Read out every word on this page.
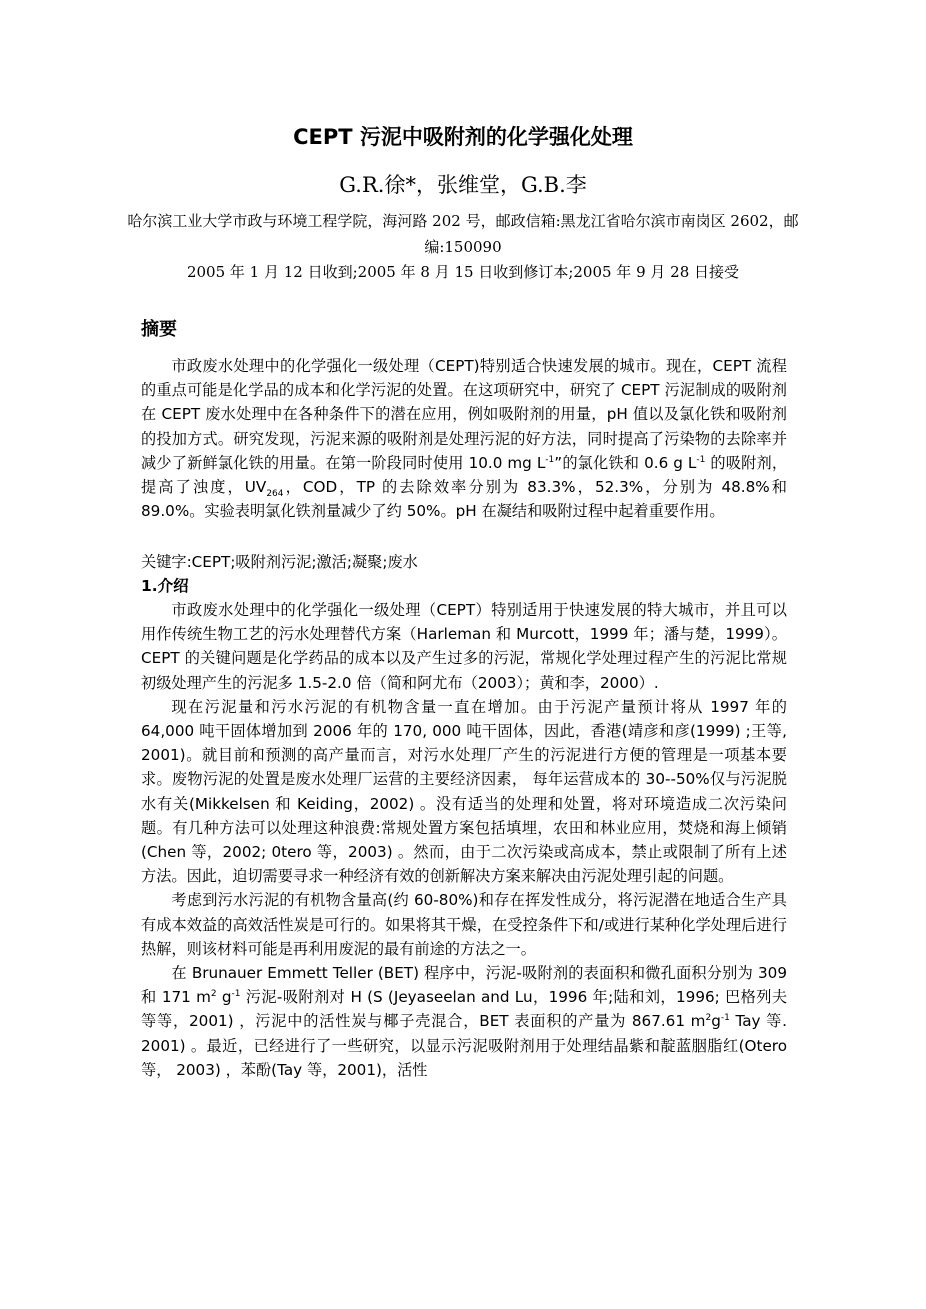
CEPT 污泥中吸附剂的化学强化处理
G.R.徐*，张维堂，G.B.李
哈尔滨工业大学市政与环境工程学院，海河路 202 号，邮政信箱:黑龙江省哈尔滨市南岗区 2602，邮编:150090
2005 年 1 月 12 日收到;2005 年 8 月 15 日收到修订本;2005 年 9 月 28 日接受
摘要

市政废水处理中的化学强化一级处理（CEPT)特别适合快速发展的城市。现在，CEPT 流程的重点可能是化学品的成本和化学污泥的处置。在这项研究中，研究了 CEPT 污泥制成的吸附剂在 CEPT 废水处理中在各种条件下的潜在应用，例如吸附剂的用量，pH 值以及氯化铁和吸附剂的投加方式。研究发现，污泥来源的吸附剂是处理污泥的好方法，同时提高了污染物的去除率并减少了新鲜氯化铁的用量。在第一阶段同时使用 10.0 mg $L^{-1}$”的氯化铁和 0.6 g $L^{-1}$ 的吸附剂，提高了浊度，$UV_{264}$，COD，TP 的去除效率分别为 83.3%，52.3%，分别为 48.8%和 89.0%。实验表明氯化铁剂量减少了约 50%。pH 在凝结和吸附过程中起着重要作用。

关键字:CEPT;吸附剂污泥;激活;凝聚;废水
1.介绍

市政废水处理中的化学强化一级处理（CEPT）特别适用于快速发展的特大城市，并且可以用作传统生物工艺的污水处理替代方案（Harleman 和 Murcott，1999 年；潘与楚，1999）。CEPT 的关键问题是化学药品的成本以及产生过多的污泥，常规化学处理过程产生的污泥比常规初级处理产生的污泥多 1.5-2.0 倍（简和阿尤布（2003）；黄和李，2000）.

现在污泥量和污水污泥的有机物含量一直在增加。由于污泥产量预计将从 1997 年的 64,000 吨干固体增加到 2006 年的 170, 000 吨干固体，因此，香港(靖彦和彦(1999) ;王等, 2001)。就目前和预测的高产量而言，对污水处理厂产生的污泥进行方便的管理是一项基本要求。废物污泥的处置是废水处理厂运营的主要经济因素， 每年运营成本的 30--50%仅与污泥脱水有关(Mikkelsen 和 Keiding，2002) 。没有适当的处理和处置，将对环境造成二次污染问题。有几种方法可以处理这种浪费:常规处置方案包括填埋，农田和林业应用，焚烧和海上倾销(Chen 等，2002; 0tero 等，2003) 。然而，由于二次污染或高成本，禁止或限制了所有上述方法。因此，迫切需要寻求一种经济有效的创新解决方案来解决由污泥处理引起的问题。

考虑到污水污泥的有机物含量高(约 60-80%)和存在挥发性成分，将污泥潜在地适合生产具有成本效益的高效活性炭是可行的。如果将其干燥，在受控条件下和/或进行某种化学处理后进行热解，则该材料可能是再利用废泥的最有前途的方法之一。

在 Brunauer Emmett Teller (BET) 程序中，污泥-吸附剂的表面积和微孔面积分别为 309 和 171 $m^2$ $g^{-1}$ 污泥-吸附剂对 H (S (Jeyaseelan and Lu，1996 年;陆和刘，1996; 巴格列夫等等，2001) ，污泥中的活性炭与椰子壳混合，BET 表面积的产量为 867.61 $m^2g^{-1}$ Tay 等. 2001) 。最近，已经进行了一些研究，以显示污泥吸附剂用于处理结晶紫和靛蓝胭脂红(Otero 等， 2003) ，苯酚(Tay 等，2001)，活性
